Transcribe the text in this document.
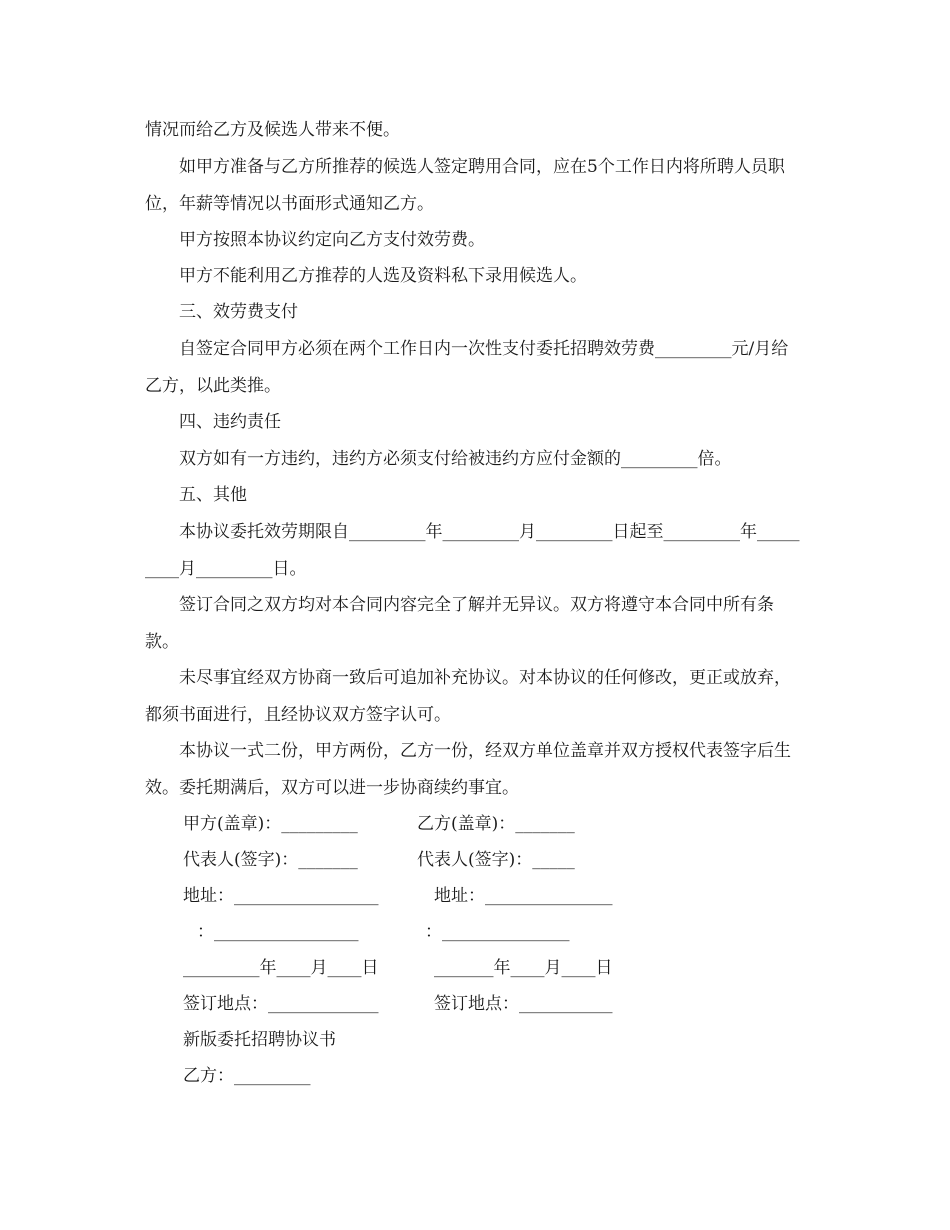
情况而给乙方及候选人带来不便。

如甲方准备与乙方所推荐的候选人签定聘用合同，应在5个工作日内将所聘人员职位，年薪等情况以书面形式通知乙方。

甲方按照本协议约定向乙方支付效劳费。

甲方不能利用乙方推荐的人选及资料私下录用候选人。

三、效劳费支付

自签定合同甲方必须在两个工作日内一次性支付委托招聘效劳费_________元/月给乙方，以此类推。

四、违约责任

双方如有一方违约，违约方必须支付给被违约方应付金额的_________倍。

五、其他

本协议委托效劳期限自_________年_________月_________日起至_________年_________月_________日。

签订合同之双方均对本合同内容完全了解并无异议。双方将遵守本合同中所有条款。

未尽事宜经双方协商一致后可追加补充协议。对本协议的任何修改，更正或放弃，都须书面进行，且经协议双方签字认可。

本协议一式二份，甲方两份，乙方一份，经双方单位盖章并双方授权代表签字后生效。委托期满后，双方可以进一步协商续约事宜。

甲方(盖章)：_________	乙方(盖章)：_______

代表人(签字)：_______	代表人(签字)：_____

地址：_________________	地址：_______________

：_________________	：_______________

_________年____月____日	_______年____月____日

签订地点：_____________	签订地点：___________

新版委托招聘协议书

乙方：_________
